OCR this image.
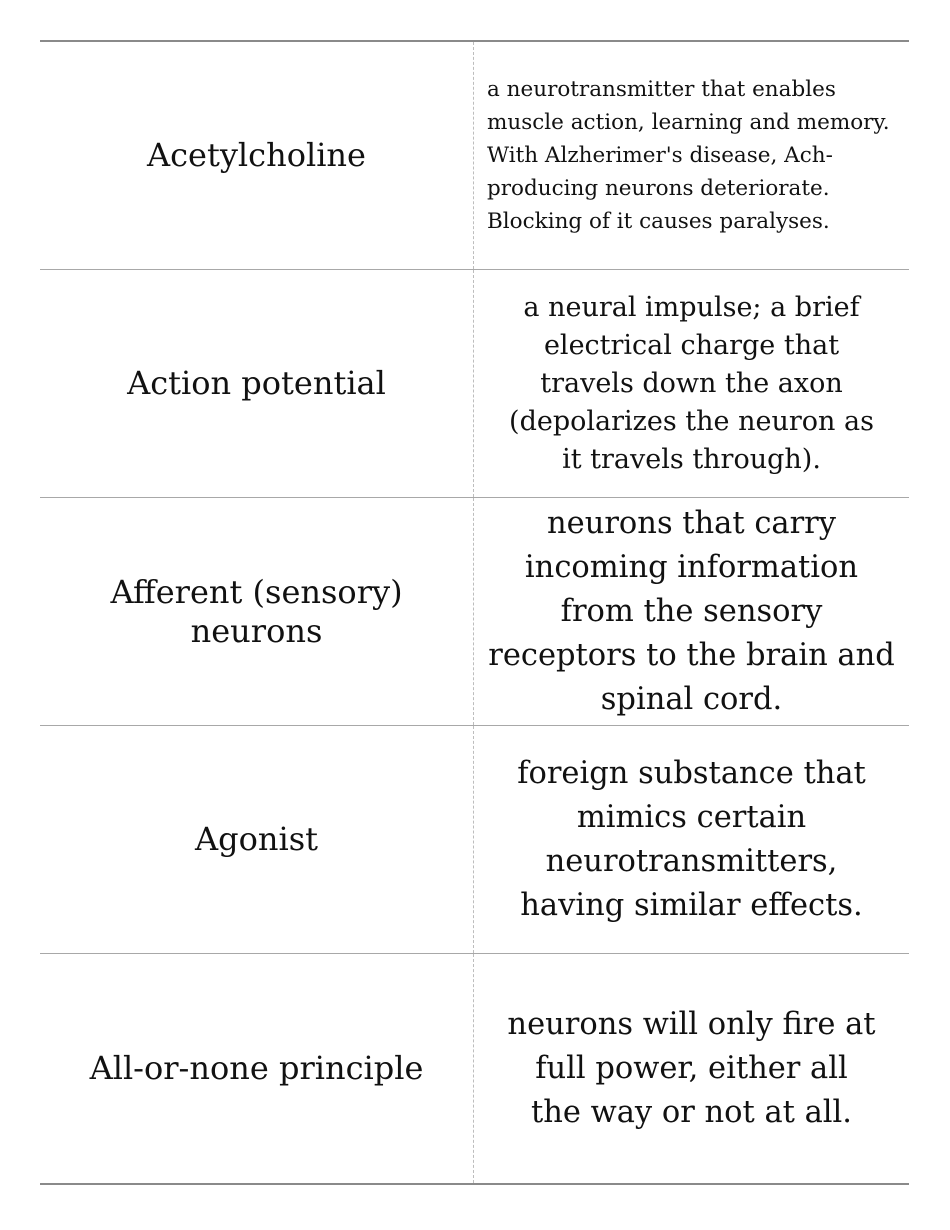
Acetylcholine
a neurotransmitter that enables muscle action, learning and memory. With Alzherimer's disease, Ach-producing neurons deteriorate. Blocking of it causes paralyses.
Action potential
a neural impulse; a brief electrical charge that travels down the axon (depolarizes the neuron as it travels through).
Afferent (sensory) neurons
neurons that carry incoming information from the sensory receptors to the brain and spinal cord.
Agonist
foreign substance that mimics certain neurotransmitters, having similar effects.
All-or-none principle
neurons will only fire at full power, either all the way or not at all.
